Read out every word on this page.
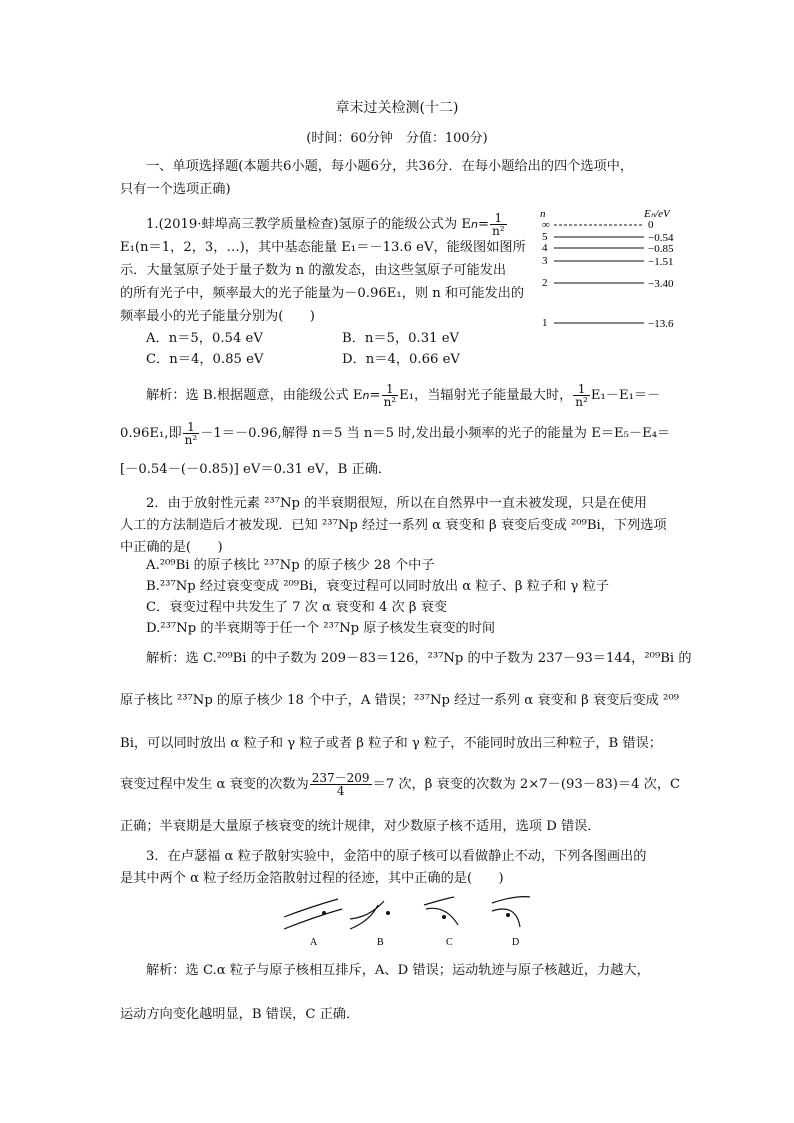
章末过关检测(十二)
(时间：60分钟　分值：100分)
一、单项选择题(本题共6小题，每小题6分，共36分．在每小题给出的四个选项中，
只有一个选项正确)
1.(2019·蚌埠高三教学质量检查)氢原子的能级公式为 $En= \frac{1}{\text{n²}}$
E₁(n＝1，2，3，…)，其中基态能量 E₁＝－13.6 eV，能级图如图所
示．大量氢原子处于量子数为 n 的激发态，由这些氢原子可能发出
的所有光子中，频率最大的光子能量为－0.96E₁，则 n 和可能发出的
频率最小的光子能量分别为(　　)
A．n＝5，0.54 eV	B．n＝5，0.31 eV
C．n＝4，0.85 eV	D．n＝4，0.66 eV
n	Eₙ/eV
∞	0
5	−0.54
4	−0.85
3	−1.51
2	−3.40
1	−13.6
解析：选 B.根据题意，由能级公式 $En= \frac{1}{\text{n²}} E_1$，当辐射光子能量最大时， $\frac{1}{\text{n²}} E_1-E_1=-$
0.96E₁,即 $\frac{1}{\text{n²}} -1=-0.96$,解得 n＝5 当 n＝5 时,发出最小频率的光子的能量为 E＝E₅－E₄＝
[－0.54－(－0.85)] eV＝0.31 eV，B 正确．
2．由于放射性元素 ²³⁷Np 的半衰期很短，所以在自然界中一直未被发现，只是在使用
人工的方法制造后才被发现．已知 ²³⁷Np 经过一系列 α 衰变和 β 衰变后变成 ²⁰⁹Bi，下列选项
中正确的是(　　)
A.²⁰⁹Bi 的原子核比 ²³⁷Np 的原子核少 28 个中子
B.²³⁷Np 经过衰变变成 ²⁰⁹Bi，衰变过程可以同时放出 α 粒子、β 粒子和 γ 粒子
C．衰变过程中共发生了 7 次 α 衰变和 4 次 β 衰变
D.²³⁷Np 的半衰期等于任一个 ²³⁷Np 原子核发生衰变的时间
解析：选 C.²⁰⁹Bi 的中子数为 209－83＝126，²³⁷Np 的中子数为 237－93＝144，²⁰⁹Bi 的
原子核比 ²³⁷Np 的原子核少 18 个中子，A 错误；²³⁷Np 经过一系列 α 衰变和 β 衰变后变成 ²⁰⁹
Bi，可以同时放出 α 粒子和 γ 粒子或者 β 粒子和 γ 粒子，不能同时放出三种粒子，B 错误；
衰变过程中发生 α 衰变的次数为 $\frac{237-209}{4} =7$ 次，β 衰变的次数为 2×7－(93－83)＝4 次，C
正确；半衰期是大量原子核衰变的统计规律，对少数原子核不适用，选项 D 错误．
3．在卢瑟福 α 粒子散射实验中，金箔中的原子核可以看做静止不动，下列各图画出的
是其中两个 α 粒子经历金箔散射过程的径迹，其中正确的是(　　)
A	B	C	D
解析：选 C.α 粒子与原子核相互排斥，A、D 错误；运动轨迹与原子核越近，力越大，
运动方向变化越明显，B 错误，C 正确．
